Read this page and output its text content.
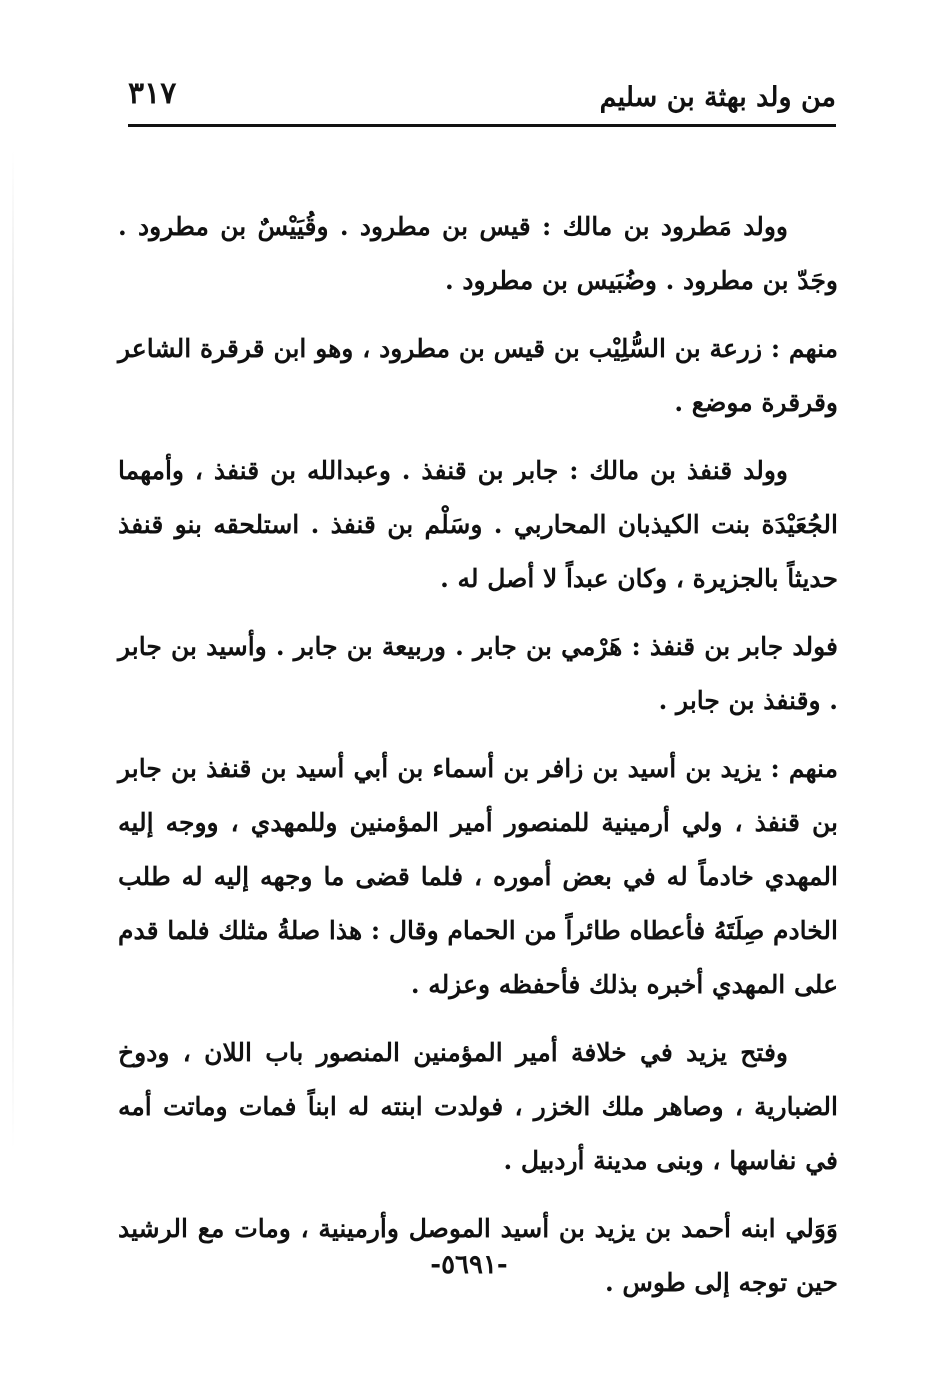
من ولد بهثة بن سليم
٣١٧

وولد مَطرود بن مالك : قيس بن مطرود . وقُيَيْسٌ بن مطرود . وجَدّ بن مطرود . وضُبَيس بن مطرود .

منهم : زرعة بن السُّلِيْب بن قيس بن مطرود ، وهو ابن قرقرة الشاعر وقرقرة موضع .

وولد قنفذ بن مالك : جابر بن قنفذ . وعبدالله بن قنفذ ، وأمهما الجُعَيْدَة بنت الكيذبان المحاربي . وسَلْم بن قنفذ . استلحقه بنو قنفذ حديثاً بالجزيرة ، وكان عبداً لا أصل له .

فولد جابر بن قنفذ : هَرْمي بن جابر . وربيعة بن جابر . وأسيد بن جابر . وقنفذ بن جابر .

منهم : يزيد بن أسيد بن زافر بن أسماء بن أبي أسيد بن قنفذ بن جابر بن قنفذ ، ولي أرمينية للمنصور أمير المؤمنين وللمهدي ، ووجه إليه المهدي خادماً له في بعض أموره ، فلما قضى ما وجهه إليه له طلب الخادم صِلَتَهُ فأعطاه طائراً من الحمام وقال : هذا صلةُ مثلك فلما قدم على المهدي أخبره بذلك فأحفظه وعزله .

وفتح يزيد في خلافة أمير المؤمنين المنصور باب اللان ، ودوخ الضبارية ، وصاهر ملك الخزر ، فولدت ابنته له ابناً فمات وماتت أمه في نفاسها ، وبنى مدينة أردبيل .

وَوَلي ابنه أحمد بن يزيد بن أسيد الموصل وأرمينية ، ومات مع الرشيد حين توجه إلى طوس .

-٥٦٩١-
